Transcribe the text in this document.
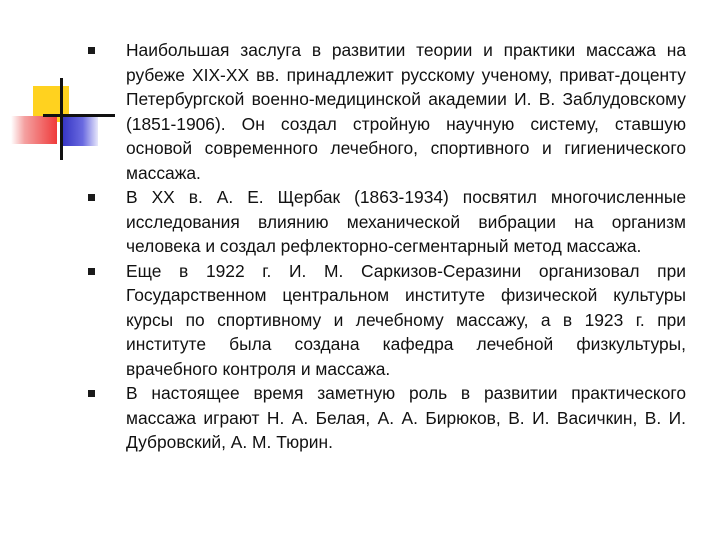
Наибольшая заслуга в развитии теории и практики массажа на рубеже XIX-XX вв. принадлежит русскому ученому, приват-доценту Петербургской военно-медицинской академии И. В. Заблудовскому (1851-1906). Он создал стройную научную систему, ставшую основой современного лечебного, спортивного и гигиенического массажа.
В XX в. А. Е. Щербак (1863-1934) посвятил многочисленные исследования влиянию механической вибрации на организм человека и создал рефлекторно-сегментарный метод массажа.
Еще в 1922 г. И. М. Саркизов-Серазини организовал при Государственном центральном институте физической культуры курсы по спортивному и лечебному массажу, а в 1923 г. при институте была создана кафедра лечебной физкультуры, врачебного контроля и массажа.
В настоящее время заметную роль в развитии практического массажа играют Н. А. Белая, А. А. Бирюков, В. И. Васичкин, В. И. Дубровский, А. М. Тюрин.
